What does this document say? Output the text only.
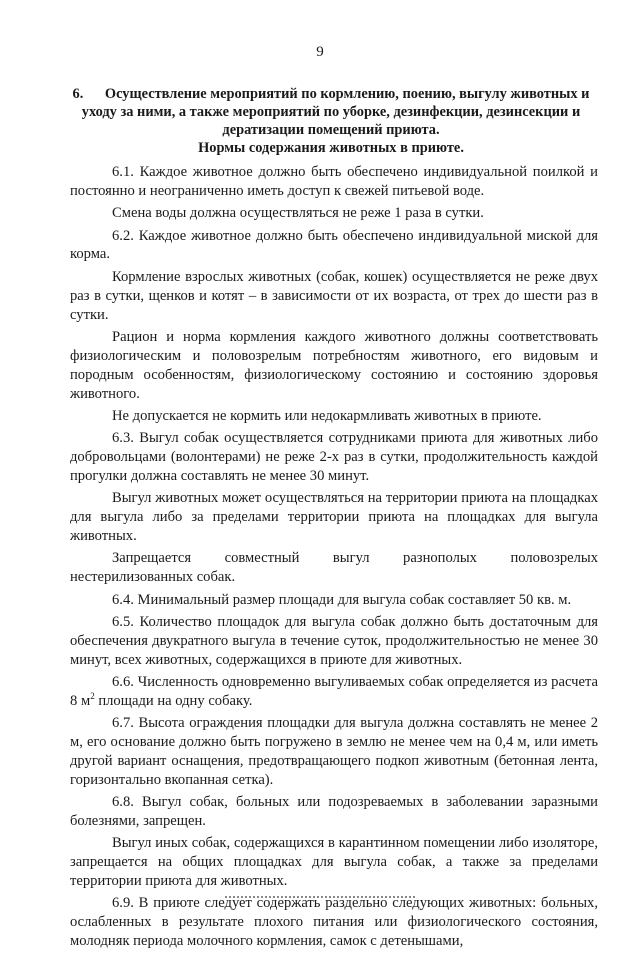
9
6. Осуществление мероприятий по кормлению, поению, выгулу животных и уходу за ними, а также мероприятий по уборке, дезинфекции, дезинсекции и дератизации помещений приюта.
Нормы содержания животных в приюте.

6.1. Каждое животное должно быть обеспечено индивидуальной поилкой и постоянно и неограниченно иметь доступ к свежей питьевой воде.

Смена воды должна осуществляться не реже 1 раза в сутки.

6.2. Каждое животное должно быть обеспечено индивидуальной миской для корма.

Кормление взрослых животных (собак, кошек) осуществляется не реже двух раз в сутки, щенков и котят – в зависимости от их возраста, от трех до шести раз в сутки.

Рацион и норма кормления каждого животного должны соответствовать физиологическим и половозрелым потребностям животного, его видовым и породным особенностям, физиологическому состоянию и состоянию здоровья животного.

Не допускается не кормить или недокармливать животных в приюте.

6.3. Выгул собак осуществляется сотрудниками приюта для животных либо добровольцами (волонтерами) не реже 2-х раз в сутки, продолжительность каждой прогулки должна составлять не менее 30 минут.

Выгул животных может осуществляться на территории приюта на площадках для выгула либо за пределами территории приюта на площадках для выгула животных.

Запрещается совместный выгул разнополых половозрелых нестерилизованных собак.

6.4. Минимальный размер площади для выгула собак составляет 50 кв. м.

6.5. Количество площадок для выгула собак должно быть достаточным для обеспечения двукратного выгула в течение суток, продолжительностью не менее 30 минут, всех животных, содержащихся в приюте для животных.

6.6. Численность одновременно выгуливаемых собак определяется из расчета 8 $м^2$ площади на одну собаку.

6.7. Высота ограждения площадки для выгула должна составлять не менее 2 м, его основание должно быть погружено в землю не менее чем на 0,4 м, или иметь другой вариант оснащения, предотвращающего подкоп животным (бетонная лента, горизонтально вкопанная сетка).

6.8. Выгул собак, больных или подозреваемых в заболевании заразными болезнями, запрещен.

Выгул иных собак, содержащихся в карантинном помещении либо изоляторе, запрещается на общих площадках для выгула собак, а также за пределами территории приюта для животных.

6.9. В приюте следует содержать раздельно следующих животных: больных, ослабленных в результате плохого питания или физиологического состояния, молодняк периода молочного кормления, самок с детенышами,
